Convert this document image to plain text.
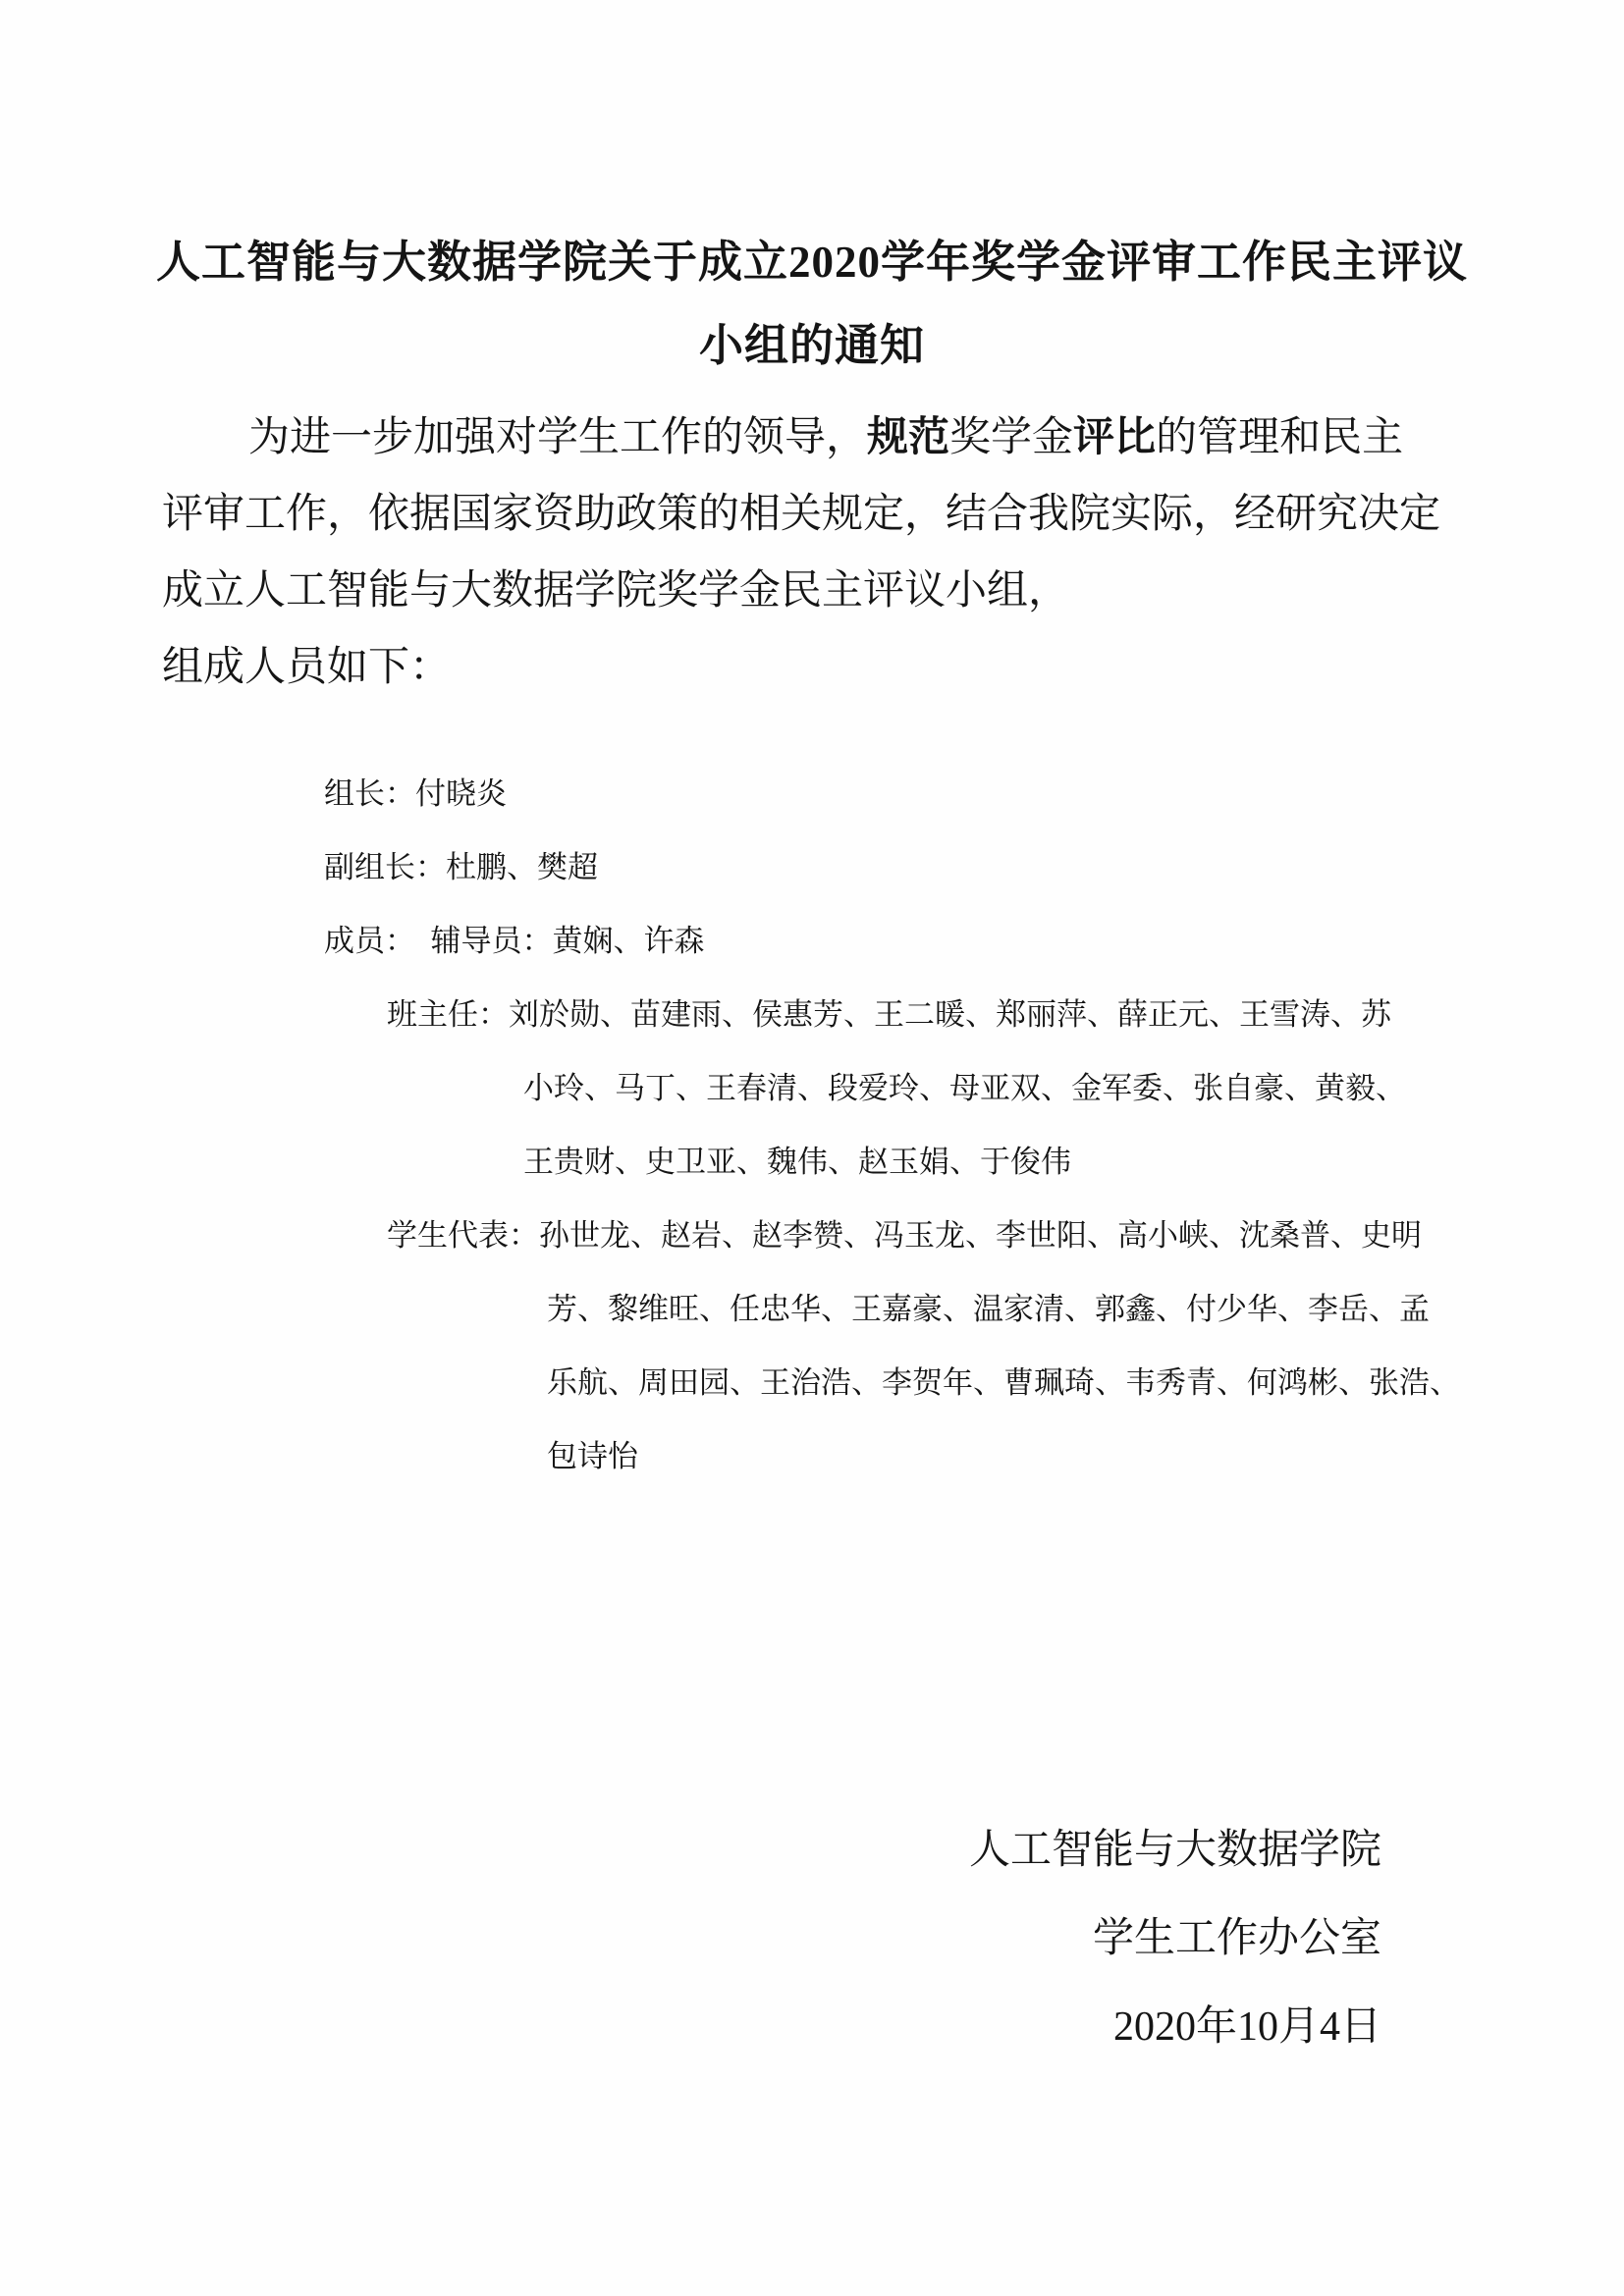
人工智能与大数据学院关于成立2020学年奖学金评审工作民主评议
小组的通知
为进一步加强对学生工作的领导，规范奖学金评比的管理和民主
评审工作，依据国家资助政策的相关规定，结合我院实际，经研究决定
成立人工智能与大数据学院奖学金民主评议小组，
组成人员如下：
组长：付晓炎
副组长：杜鹏、樊超
成员：　辅导员：黄娴、许森
班主任：刘於勋、苗建雨、侯惠芳、王二暖、郑丽萍、薛正元、王雪涛、苏
小玲、马丁、王春清、段爱玲、母亚双、金军委、张自豪、黄毅、
王贵财、史卫亚、魏伟、赵玉娟、于俊伟
学生代表：孙世龙、赵岩、赵李赞、冯玉龙、李世阳、高小峡、沈桑普、史明
芳、黎维旺、任忠华、王嘉豪、温家清、郭鑫、付少华、李岳、孟
乐航、周田园、王治浩、李贺年、曹珮琦、韦秀青、何鸿彬、张浩、
包诗怡
人工智能与大数据学院
学生工作办公室
2020年10月4日
